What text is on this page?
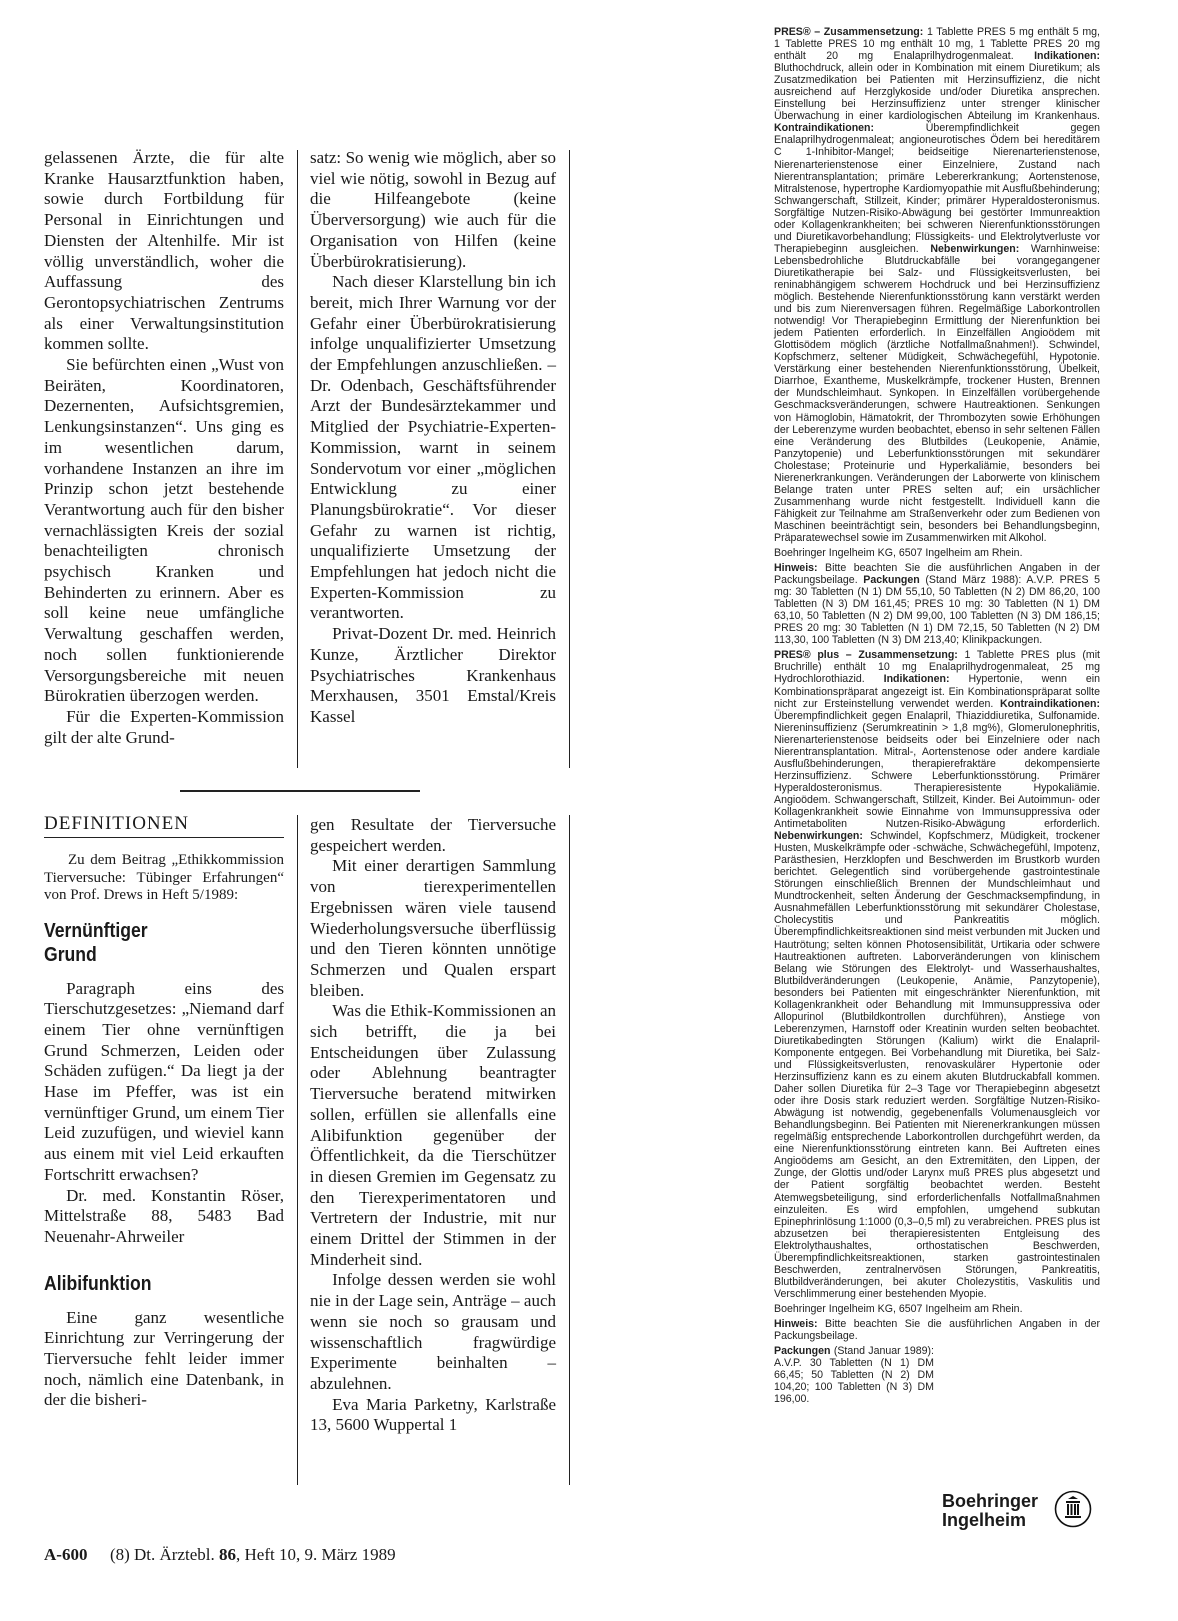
gelassenen Ärzte, die für alte Kranke Hausarztfunktion haben, sowie durch Fortbildung für Personal in Einrichtungen und Diensten der Altenhilfe. Mir ist völlig unverständlich, woher die Auffassung des Gerontopsychiatrischen Zentrums als einer Verwaltungsinstitution kommen sollte.

Sie befürchten einen „Wust von Beiräten, Koordinatoren, Dezernenten, Aufsichtsgremien, Lenkungsinstanzen“. Uns ging es im wesentlichen darum, vorhandene Instanzen an ihre im Prinzip schon jetzt bestehende Verantwortung auch für den bisher vernachlässigten Kreis der sozial benachteiligten chronisch psychisch Kranken und Behinderten zu erinnern. Aber es soll keine neue umfängliche Verwaltung geschaffen werden, noch sollen funktionierende Versorgungsbereiche mit neuen Bürokratien überzogen werden.

Für die Experten-Kommission gilt der alte Grund-

satz: So wenig wie möglich, aber so viel wie nötig, sowohl in Bezug auf die Hilfeangebote (keine Überversorgung) wie auch für die Organisation von Hilfen (keine Überbürokratisierung).

Nach dieser Klarstellung bin ich bereit, mich Ihrer Warnung vor der Gefahr einer Überbürokratisierung infolge unqualifizierter Umsetzung der Empfehlungen anzuschließen. – Dr. Odenbach, Geschäftsführender Arzt der Bundesärztekammer und Mitglied der Psychiatrie-Experten-Kommission, warnt in seinem Sondervotum vor einer „möglichen Entwicklung zu einer Planungsbürokratie“. Vor dieser Gefahr zu warnen ist richtig, unqualifizierte Umsetzung der Empfehlungen hat jedoch nicht die Experten-Kommission zu verantworten.

Privat-Dozent Dr. med. Heinrich Kunze, Ärztlicher Direktor Psychiatrisches Krankenhaus Merxhausen, 3501 Emstal/Kreis Kassel

DEFINITIONEN

Zu dem Beitrag „Ethikkommission Tierversuche: Tübinger Erfahrungen“ von Prof. Drews in Heft 5/1989:

Vernünftiger
Grund

Paragraph eins des Tierschutzgesetzes: „Niemand darf einem Tier ohne vernünftigen Grund Schmerzen, Leiden oder Schäden zufügen.“ Da liegt ja der Hase im Pfeffer, was ist ein vernünftiger Grund, um einem Tier Leid zuzufügen, und wieviel kann aus einem mit viel Leid erkauften Fortschritt erwachsen?

Dr. med. Konstantin Röser, Mittelstraße 88, 5483 Bad Neuenahr-Ahrweiler

Alibifunktion

Eine ganz wesentliche Einrichtung zur Verringerung der Tierversuche fehlt leider immer noch, nämlich eine Datenbank, in der die bisheri-

gen Resultate der Tierversuche gespeichert werden.

Mit einer derartigen Sammlung von tierexperimentellen Ergebnissen wären viele tausend Wiederholungsversuche überflüssig und den Tieren könnten unnötige Schmerzen und Qualen erspart bleiben.

Was die Ethik-Kommissionen an sich betrifft, die ja bei Entscheidungen über Zulassung oder Ablehnung beantragter Tierversuche beratend mitwirken sollen, erfüllen sie allenfalls eine Alibifunktion gegenüber der Öffentlichkeit, da die Tierschützer in diesen Gremien im Gegensatz zu den Tierexperimentatoren und Vertretern der Industrie, mit nur einem Drittel der Stimmen in der Minderheit sind.

Infolge dessen werden sie wohl nie in der Lage sein, Anträge – auch wenn sie noch so grausam und wissenschaftlich fragwürdige Experimente beinhalten – abzulehnen.

Eva Maria Parketny, Karlstraße 13, 5600 Wuppertal 1

PRES® – Zusammensetzung: 1 Tablette PRES 5 mg enthält 5 mg, 1 Tablette PRES 10 mg enthält 10 mg, 1 Tablette PRES 20 mg enthält 20 mg Enalaprilhydrogenmaleat. Indikationen: Bluthochdruck, allein oder in Kombination mit einem Diuretikum; als Zusatzmedikation bei Patienten mit Herzinsuffizienz, die nicht ausreichend auf Herzglykoside und/oder Diuretika ansprechen. Einstellung bei Herzinsuffizienz unter strenger klinischer Überwachung in einer kardiologischen Abteilung im Krankenhaus. Kontraindikationen:	Überempfindlichkeit gegen Enalaprilhydrogenmaleat; angioneurotisches Ödem bei hereditärem C 1-Inhibitor-Mangel; beidseitige Nierenarterienstenose, Nierenarterienstenose einer Einzelniere, Zustand nach Nierentransplantation; primäre Lebererkrankung; Aortenstenose, Mitralstenose, hypertrophe Kardiomyopathie mit Ausflußbehinderung; Schwangerschaft, Stillzeit, Kinder; primärer Hyperaldosteronismus. Sorgfältige Nutzen-Risiko-Abwägung bei gestörter Immunreaktion oder Kollagenkrankheiten; bei schweren Nierenfunktionsstörungen und Diuretikavorbehandlung; Flüssigkeits- und Elektrolytverluste vor Therapiebeginn ausgleichen. Nebenwirkungen: Warnhinweise: Lebensbedrohliche Blutdruckabfälle bei vorangegangener Diuretikatherapie bei Salz- und Flüssigkeitsverlusten, bei reninabhängigem schwerem Hochdruck und bei Herzinsuffizienz möglich. Bestehende Nierenfunktionsstörung kann verstärkt werden und bis zum Nierenversagen führen. Regelmäßige Laborkontrollen notwendig! Vor Therapiebeginn Ermittlung der Nierenfunktion bei jedem Patienten erforderlich. In Einzelfällen Angioödem mit Glottisödem möglich (ärztliche Notfallmaßnahmen!). Schwindel, Kopfschmerz, seltener Müdigkeit, Schwächegefühl, Hypotonie. Verstärkung einer bestehenden Nierenfunktionsstörung, Übelkeit, Diarrhoe, Exantheme, Muskelkrämpfe, trockener Husten, Brennen der Mundschleimhaut. Synkopen. In Einzelfällen vorübergehende Geschmacksveränderungen, schwere Hautreaktionen. Senkungen von Hämoglobin, Hämatokrit, der Thrombozyten sowie Erhöhungen der Leberenzyme wurden beobachtet, ebenso in sehr seltenen Fällen eine Veränderung des Blutbildes (Leukopenie, Anämie, Panzytopenie) und Leberfunktionsstörungen mit sekundärer Cholestase; Proteinurie und Hyperkaliämie, besonders bei Nierenerkrankungen. Veränderungen der Laborwerte von klinischem Belange traten unter PRES selten auf; ein ursächlicher Zusammenhang wurde nicht festgestellt. Individuell kann die Fähigkeit zur Teilnahme am Straßenverkehr oder zum Bedienen von Maschinen beeinträchtigt sein, besonders bei Behandlungsbeginn, Präparatewechsel sowie im Zusammenwirken mit Alkohol.

Boehringer Ingelheim KG, 6507 Ingelheim am Rhein.

Hinweis: Bitte beachten Sie die ausführlichen Angaben in der Packungsbeilage. Packungen (Stand März 1988): A.V.P. PRES 5 mg: 30 Tabletten (N 1) DM 55,10, 50 Tabletten (N 2) DM 86,20, 100 Tabletten (N 3) DM 161,45; PRES 10 mg: 30 Tabletten (N 1) DM 63,10, 50 Tabletten (N 2) DM 99,00, 100 Tabletten (N 3) DM 186,15; PRES 20 mg: 30 Tabletten (N 1) DM 72,15, 50 Tabletten (N 2) DM 113,30, 100 Tabletten (N 3) DM 213,40; Klinikpackungen.

PRES® plus – Zusammensetzung: 1 Tablette PRES plus (mit Bruchrille) enthält 10 mg Enalaprilhydrogenmaleat, 25 mg Hydrochlorothiazid. Indikationen: Hypertonie, wenn ein Kombinationspräparat angezeigt ist. Ein Kombinationspräparat sollte nicht zur Ersteinstellung verwendet werden. Kontraindikationen: Überempfindlichkeit gegen Enalapril, Thiaziddiuretika, Sulfonamide. Niereninsuffizienz (Serumkreatinin > 1,8 mg%), Glomerulonephritis, Nierenarterienstenose beidseits oder bei Einzelniere oder nach Nierentransplantation. Mitral-, Aortenstenose oder andere kardiale Ausflußbehinderungen, therapierefraktäre dekompensierte Herzinsuffizienz. Schwere Leberfunktionsstörung. Primärer Hyperaldosteronismus. Therapieresistente Hypokaliämie. Angioödem. Schwangerschaft, Stillzeit, Kinder. Bei Autoimmun- oder Kollagenkrankheit sowie Einnahme von Immunsuppressiva oder Antimetaboliten Nutzen-Risiko-Abwägung erforderlich. Nebenwirkungen: Schwindel, Kopfschmerz, Müdigkeit, trockener Husten, Muskelkrämpfe oder -schwäche, Schwächegefühl, Impotenz, Parästhesien, Herzklopfen und Beschwerden im Brustkorb wurden berichtet. Gelegentlich sind vorübergehende gastrointestinale Störungen einschließlich Brennen der Mundschleimhaut und Mundtrockenheit, selten Änderung der Geschmacksempfindung, in Ausnahmefällen Leberfunktionsstörung mit sekundärer Cholestase, Cholecystitis und Pankreatitis möglich. Überempfindlichkeitsreaktionen sind meist verbunden mit Jucken und Hautrötung; selten können Photosensibilität, Urtikaria oder schwere Hautreaktionen auftreten. Laborveränderungen von klinischem Belang wie Störungen des Elektrolyt- und Wasserhaushaltes, Blutbildveränderungen (Leukopenie, Anämie, Panzytopenie), besonders bei Patienten mit eingeschränkter Nierenfunktion, mit Kollagenkrankheit oder Behandlung mit Immunsuppressiva oder Allopurinol (Blutbildkontrollen durchführen), Anstiege von Leberenzymen, Harnstoff oder Kreatinin wurden selten beobachtet. Diuretikabedingten Störungen (Kalium) wirkt die Enalapril-Komponente entgegen. Bei Vorbehandlung mit Diuretika, bei Salz- und Flüssigkeitsverlusten, renovaskulärer Hypertonie oder Herzinsuffizienz kann es zu einem akuten Blutdruckabfall kommen. Daher sollen Diuretika für 2–3 Tage vor Therapiebeginn abgesetzt oder ihre Dosis stark reduziert werden. Sorgfältige Nutzen-Risiko-Abwägung ist notwendig, gegebenenfalls Volumenausgleich vor Behandlungsbeginn. Bei Patienten mit Nierenerkrankungen müssen regelmäßig entsprechende Laborkontrollen durchgeführt werden, da eine Nierenfunktionsstörung eintreten kann. Bei Auftreten eines Angioödems am Gesicht, an den Extremitäten, den Lippen, der Zunge, der Glottis und/oder Larynx muß PRES plus abgesetzt und der Patient sorgfältig beobachtet werden. Besteht Atemwegsbeteiligung, sind erforderlichenfalls Notfallmaßnahmen einzuleiten. Es wird empfohlen, umgehend subkutan Epinephrinlösung 1:1000 (0,3–0,5 ml) zu verabreichen. PRES plus ist abzusetzen bei therapieresistenten Entgleisung des Elektrolythaushaltes, orthostatischen Beschwerden, Überempfindlichkeitsreaktionen, starken gastrointestinalen Beschwerden, zentralnervösen Störungen, Pankreatitis, Blutbildveränderungen, bei akuter Cholezystitis, Vaskulitis und Verschlimmerung einer bestehenden Myopie.

Boehringer Ingelheim KG, 6507 Ingelheim am Rhein.

Hinweis: Bitte beachten Sie die ausführlichen Angaben in der Packungsbeilage.

Packungen (Stand Januar 1989): A.V.P. 30 Tabletten (N 1) DM 66,45; 50 Tabletten (N 2) DM 104,20; 100 Tabletten (N 3) DM 196,00.

Boehringer
Ingelheim
A-600 (8) Dt. Ärztebl. 86, Heft 10, 9. März 1989
